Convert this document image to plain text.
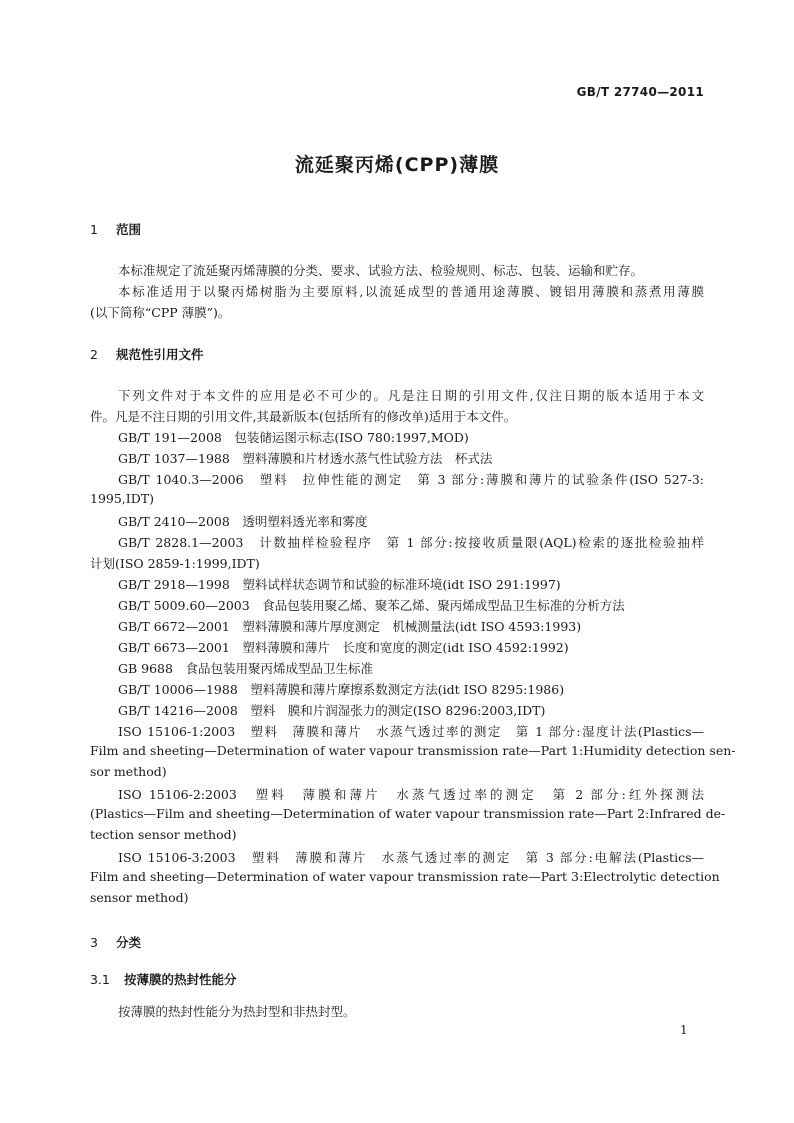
GB/T 27740—2011
流延聚丙烯(CPP)薄膜
1 范围
本标准规定了流延聚丙烯薄膜的分类、要求、试验方法、检验规则、标志、包装、运输和贮存。
本标准适用于以聚丙烯树脂为主要原料,以流延成型的普通用途薄膜、镀铝用薄膜和蒸煮用薄膜
(以下简称“CPP 薄膜”)。
2 规范性引用文件
下列文件对于本文件的应用是必不可少的。凡是注日期的引用文件,仅注日期的版本适用于本文
件。凡是不注日期的引用文件,其最新版本(包括所有的修改单)适用于本文件。
GB/T 191—2008　包装储运图示标志(ISO 780:1997,MOD)
GB/T 1037—1988　塑料薄膜和片材透水蒸气性试验方法　杯式法
GB/T 1040.3—2006　塑料　拉伸性能的测定　第 3 部分:薄膜和薄片的试验条件(ISO 527-3:
1995,IDT)
GB/T 2410—2008　透明塑料透光率和雾度
GB/T 2828.1—2003　计数抽样检验程序　第 1 部分:按接收质量限(AQL)检索的逐批检验抽样
计划(ISO 2859-1:1999,IDT)
GB/T 2918—1998　塑料试样状态调节和试验的标准环境(idt ISO 291:1997)
GB/T 5009.60—2003　食品包装用聚乙烯、聚苯乙烯、聚丙烯成型品卫生标准的分析方法
GB/T 6672—2001　塑料薄膜和薄片厚度测定　机械测量法(idt ISO 4593:1993)
GB/T 6673—2001　塑料薄膜和薄片　长度和宽度的测定(idt ISO 4592:1992)
GB 9688　食品包装用聚丙烯成型品卫生标准
GB/T 10006—1988　塑料薄膜和薄片摩擦系数测定方法(idt ISO 8295:1986)
GB/T 14216—2008　塑料　膜和片润湿张力的测定(ISO 8296:2003,IDT)
ISO 15106-1:2003　塑料　薄膜和薄片　水蒸气透过率的测定　第 1 部分:湿度计法(Plastics—
Film and sheeting—Determination of water vapour transmission rate—Part 1:Humidity detection sen-
sor method)
ISO 15106-2:2003　塑料　薄膜和薄片　水蒸气透过率的测定　第 2 部分:红外探测法
(Plastics—Film and sheeting—Determination of water vapour transmission rate—Part 2:Infrared de-
tection sensor method)
ISO 15106-3:2003　塑料　薄膜和薄片　水蒸气透过率的测定　第 3 部分:电解法(Plastics—
Film and sheeting—Determination of water vapour transmission rate—Part 3:Electrolytic detection
sensor method)
3 分类
3.1 按薄膜的热封性能分
按薄膜的热封性能分为热封型和非热封型。
1
